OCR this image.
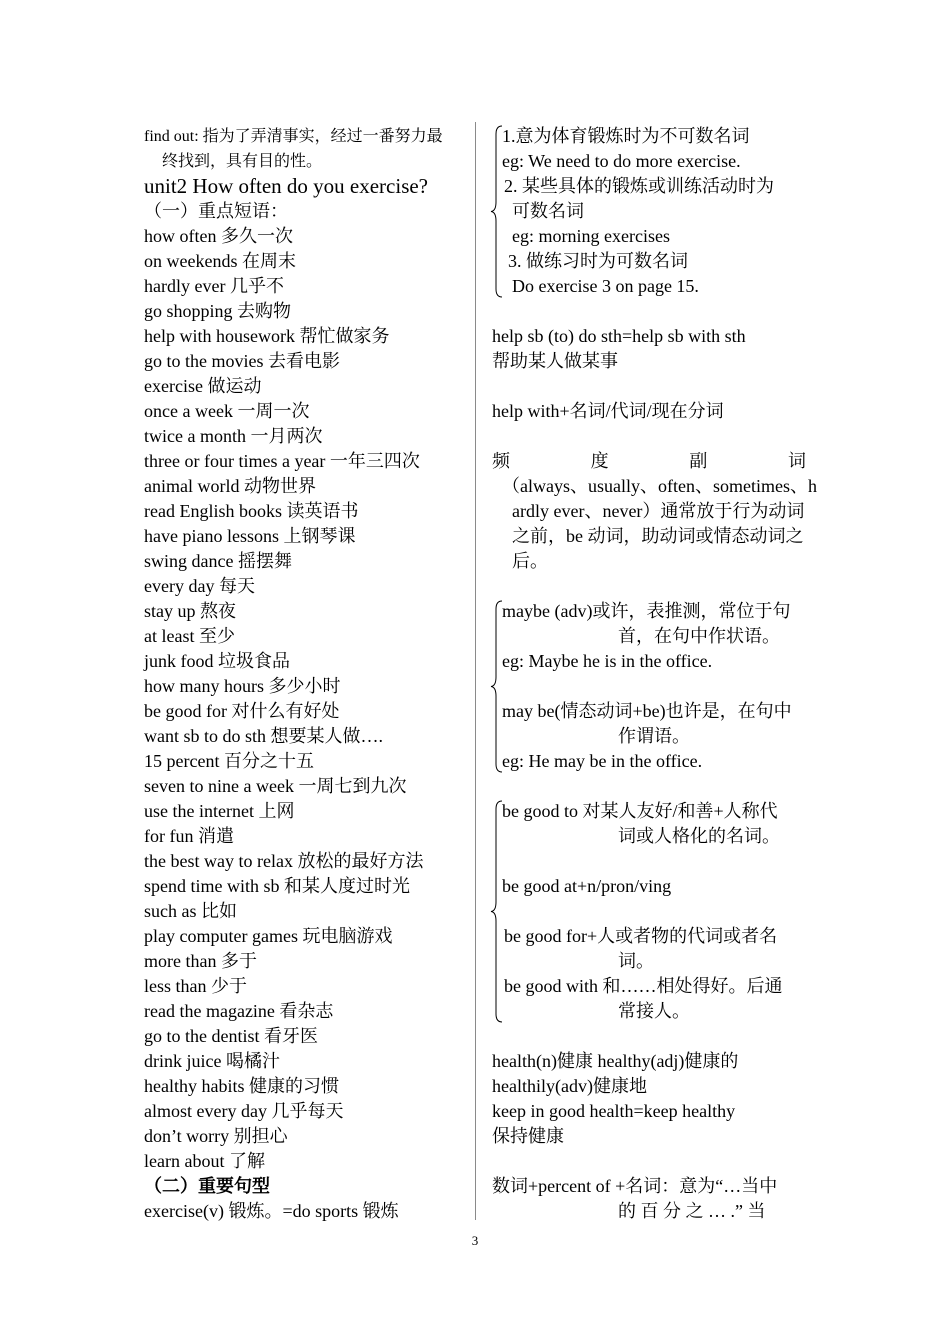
find out: 指为了弄清事实，经过一番努力最
终找到，具有目的性。
unit2 How often do you exercise?
（一）重点短语：
how often 多久一次
on weekends 在周末
hardly ever 几乎不
go shopping 去购物
help with housework 帮忙做家务
go to the movies 去看电影
exercise 做运动
once a week 一周一次
twice a month 一月两次
three or four times a year 一年三四次
animal world 动物世界
read English books 读英语书
have piano lessons 上钢琴课
swing dance 摇摆舞
every day 每天
stay up 熬夜
at least 至少
junk food 垃圾食品
how many hours 多少小时
be good for 对什么有好处
want sb to do sth 想要某人做….
15 percent 百分之十五
seven to nine a week 一周七到九次
use the internet 上网
for fun 消遣
the best way to relax 放松的最好方法
spend time with sb 和某人度过时光
such as 比如
play computer games 玩电脑游戏
more than 多于
less than 少于
read the magazine 看杂志
go to the dentist 看牙医
drink juice 喝橘汁
healthy habits 健康的习惯
almost every day 几乎每天
don’t worry 别担心
learn about 了解
（二）重要句型
exercise(v) 锻炼。=do sports 锻炼
1.意为体育锻炼时为不可数名词
eg: We need to do more exercise.
2. 某些具体的锻炼或训练活动时为
可数名词
eg: morning exercises
3. 做练习时为可数名词
Do exercise 3 on page 15.
help sb (to) do sth=help sb with sth
帮助某人做某事
help with+名词/代词/现在分词
频	度	副	词
（always、usually、often、sometimes、h
ardly ever、never）通常放于行为动词
之前，be 动词，助动词或情态动词之
后。
maybe (adv)或许，表推测，常位于句
首，在句中作状语。
eg: Maybe he is in the office.
may be(情态动词+be)也许是，在句中
作谓语。
eg: He may be in the office.
be good to 对某人友好/和善+人称代
词或人格化的名词。
be good at+n/pron/ving
be good for+人或者物的代词或者名
词。
be good with 和……相处得好。后通
常接人。
health(n)健康 healthy(adj)健康的
healthily(adv)健康地
keep in good health=keep healthy
保持健康
数词+percent of +名词：意为“…当中
的 百 分 之 … .” 当
3
